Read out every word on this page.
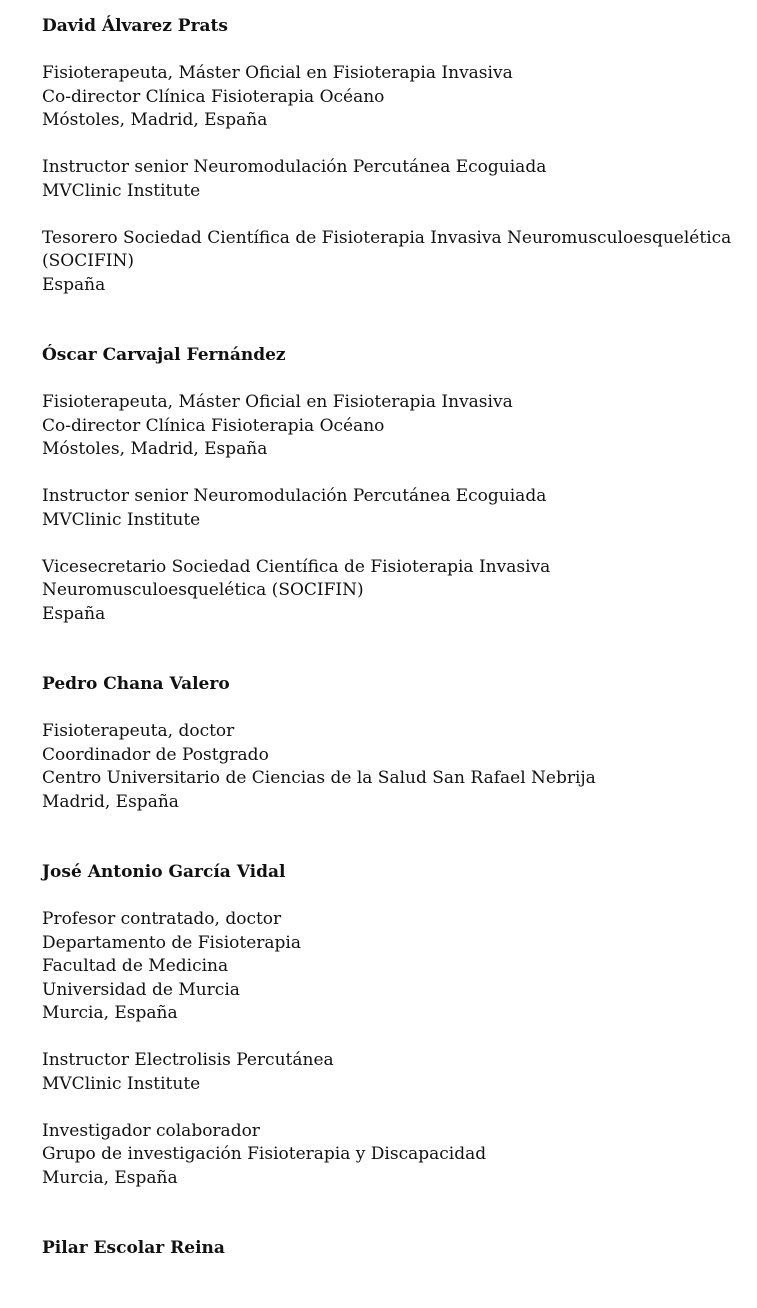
David Álvarez Prats
Fisioterapeuta, Máster Oficial en Fisioterapia Invasiva
Co-director Clínica Fisioterapia Océano
Móstoles, Madrid, España
Instructor senior Neuromodulación Percutánea Ecoguiada
MVClinic Institute
Tesorero Sociedad Científica de Fisioterapia Invasiva Neuromusculoesquelética
(SOCIFIN)
España
Óscar Carvajal Fernández
Fisioterapeuta, Máster Oficial en Fisioterapia Invasiva
Co-director Clínica Fisioterapia Océano
Móstoles, Madrid, España
Instructor senior Neuromodulación Percutánea Ecoguiada
MVClinic Institute
Vicesecretario Sociedad Científica de Fisioterapia Invasiva
Neuromusculoesquelética (SOCIFIN)
España
Pedro Chana Valero
Fisioterapeuta, doctor
Coordinador de Postgrado
Centro Universitario de Ciencias de la Salud San Rafael Nebrija
Madrid, España
José Antonio García Vidal
Profesor contratado, doctor
Departamento de Fisioterapia
Facultad de Medicina
Universidad de Murcia
Murcia, España
Instructor Electrolisis Percutánea
MVClinic Institute
Investigador colaborador
Grupo de investigación Fisioterapia y Discapacidad
Murcia, España
Pilar Escolar Reina
